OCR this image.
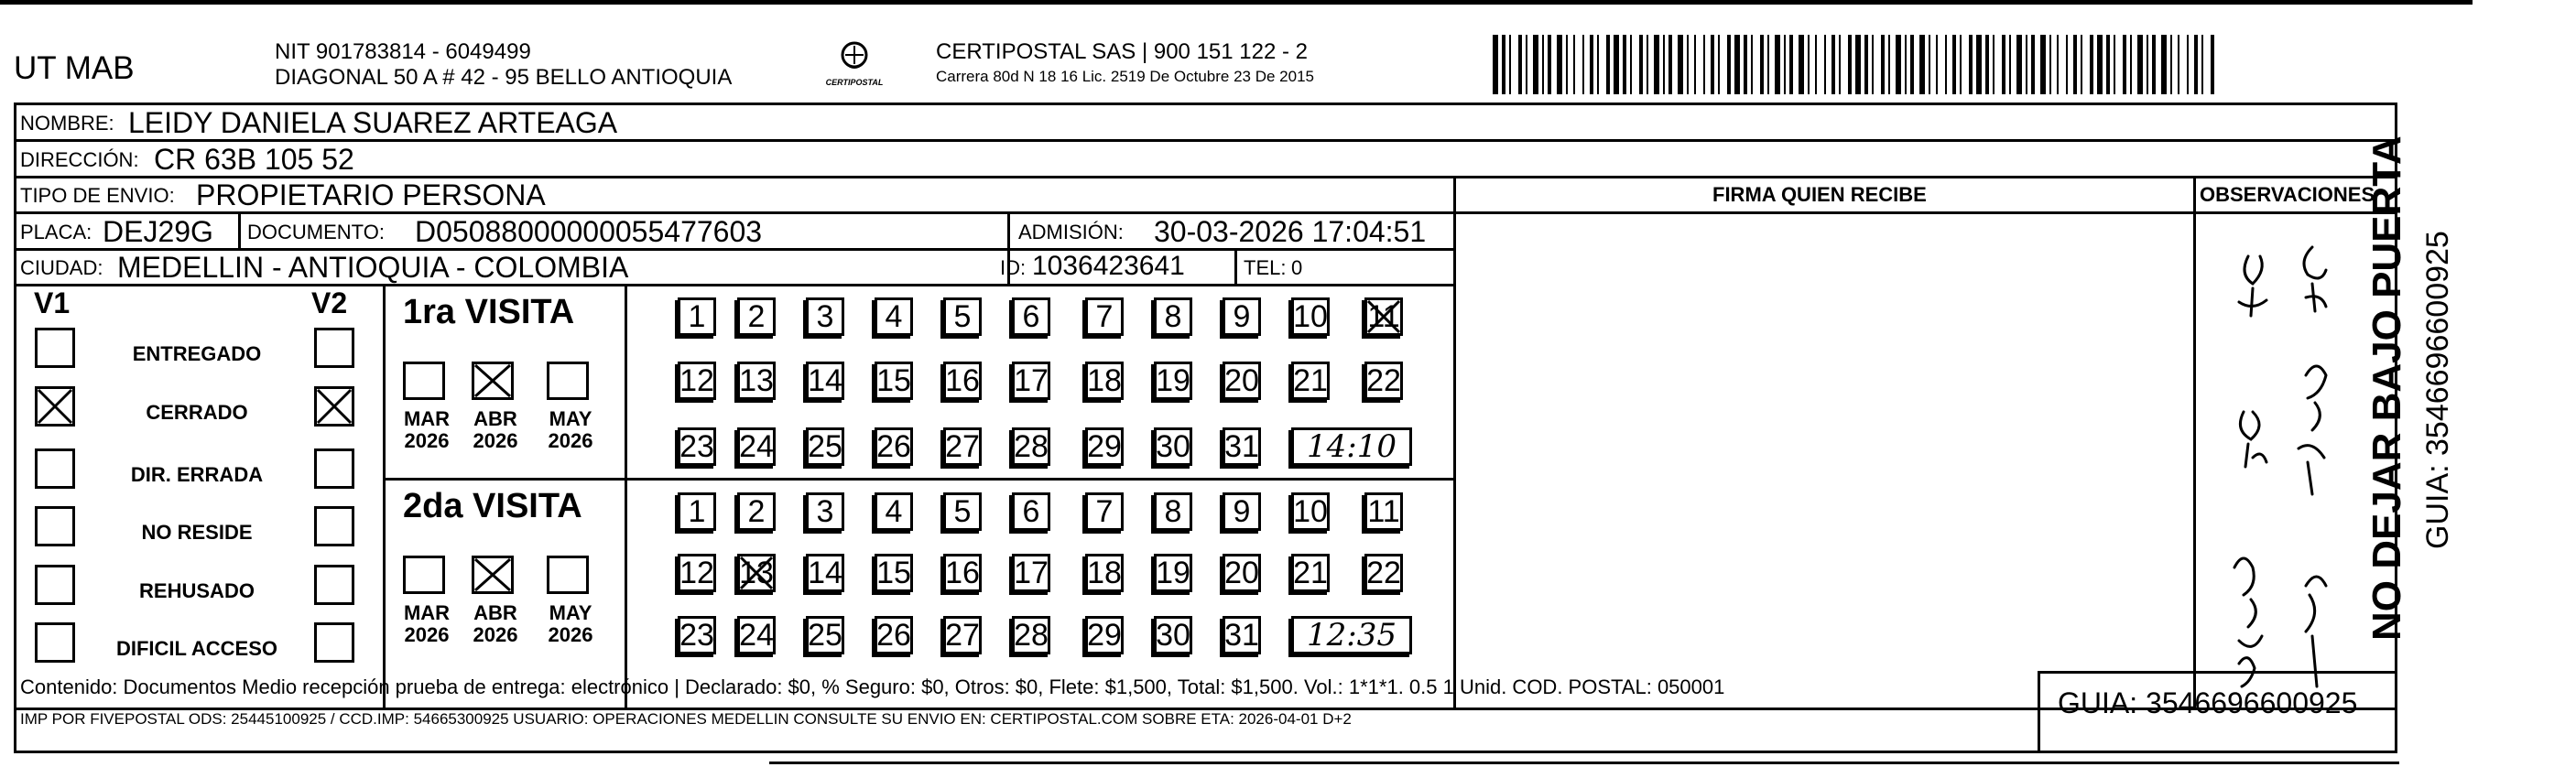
UT MAB	NIT 901783814 - 6049499
DIAGONAL 50 A # 42 - 95 BELLO ANTIOQUIA	CERTIPOSTAL
CERTIPOSTAL SAS | 900 151 122 - 2
Carrera 80d N 18 16 Lic. 2519 De Octubre 23 De 2015
NOMBRE: LEIDY DANIELA SUAREZ ARTEAGA
DIRECCIÓN: CR 63B 105 52
TIPO DE ENVIO: PROPIETARIO PERSONA
PLACA: DEJ29G DOCUMENTO: D05088000000055477603	ADMISIÓN: 30-03-2026 17:04:51
CIUDAD: MEDELLIN - ANTIOQUIA - COLOMBIA	ID: 1036423641	TEL: 0
FIRMA QUIEN RECIBE	OBSERVACIONES
V1	V2 1ra VISITA
2da VISITA
Contenido: Documentos Medio recepción prueba de entrega: electrónico | Declarado: $0, % Seguro: $0, Otros: $0, Flete: $1,500, Total: $1,500. Vol.: 1*1*1. 0.5 1 Unid. COD. POSTAL: 050001
IMP POR FIVEPOSTAL ODS: 25445100925 / CCD.IMP: 54665300925 USUARIO: OPERACIONES MEDELLIN CONSULTE SU ENVIO EN: CERTIPOSTAL.COM SOBRE ETA: 2026-04-01 D+2	GUIA: 3546696600925
NO DEJAR BAJO PUERTA GUIA: 3546696600925
ENTREGADO
CERRADO
DIR. ERRADA
NO RESIDE
REHUSADO
DIFICIL ACCESO
MAR
2026
ABR
2026
MAY
2026
MAR
2026
ABR
2026
MAY
2026
1	2	3	4	5	6	7	8	9	10 11
12 13 14 15 16 17 18 19 20 21 22
23 24 25 26 27 28 29 30 31	14:10
1	2	3	4	5	6	7	8	9	10 11
12 13 14 15 16 17 18 19 20 21 22
23 24 25 26 27 28 29 30 31	12:35
